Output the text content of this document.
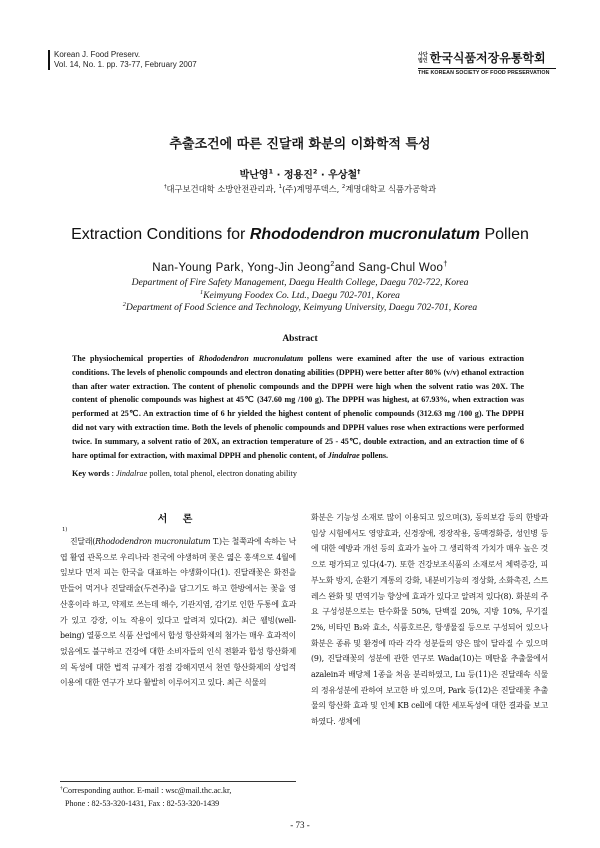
Korean J. Food Preserv.
Vol. 14, No. 1. pp. 73-77, February 2007
사단
법인 한국식품저장유통학회
THE KOREAN SOCIETY OF FOOD PRESERVATION
추출조건에 따른 진달래 화분의 이화학적 특성
박난영$^1$ · 정용진$^2$ · 우상철†
†대구보건대학 소방안전관리과, $^1$(주)계명푸덱스, $^2$계명대학교 식품가공학과
Extraction Conditions for Rhododendron mucronulatum Pollen
Nan-Young Park, Yong-Jin Jeong$^2$and Sang-Chul Woo†
Department of Fire Safety Management, Daegu Health College, Daegu 702-722, Korea
$^1$Keimyung Foodex Co. Ltd., Daegu 702-701, Korea
$^2$Department of Food Science and Technology, Keimyung University, Daegu 702-701, Korea
Abstract
The physiochemical properties of Rhododendron mucronulatum pollens were examined after the use of various extraction conditions. The levels of phenolic compounds and electron donating abilities (DPPH) were better after 80% (v/v) ethanol extraction than after water extraction. The content of phenolic compounds and the DPPH were high when the solvent ratio was 20X. The content of phenolic compounds was highest at 45℃ (347.60 mg /100 g). The DPPH was highest, at 67.93%, when extraction was performed at 25℃. An extraction time of 6 hr yielded the highest content of phenolic compounds (312.63 mg /100 g). The DPPH did not vary with extraction time. Both the levels of phenolic compounds and DPPH values rose when extractions were performed twice. In summary, a solvent ratio of 20X, an extraction temperature of 25 - 45℃, double extraction, and an extraction time of 6 hare optimal for extraction, with maximal DPPH and phenolic content, of Jindalrae pollens.
Key words : Jindalrae pollen, total phenol, electron donating ability
서 론
1)
진달래(Rhododendron mucronulatum T.)는 철쭉과에 속하는 낙엽 활엽 관목으로 우리나라 전국에 야생하며 꽃은 엷은 홍색으로 4월에 잎보다 먼저 피는 한국을 대표하는 야생화이다(1). 진달래꽃은 화전을 만들어 먹거나 진달래술(두견주)을 담그기도 하고 한방에서는 꽃을 영산홍이라 하고, 약제로 쓰는데 해수, 기관지염, 감기로 인한 두통에 효과가 있고 강장, 이뇨 작용이 있다고 알려져 있다(2). 최근 웰빙(well-being) 열풍으로 식품 산업에서 합성 항산화제의 첨가는 매우 효과적이었음에도 불구하고 건강에 대한 소비자들의 인식 전환과 합성 항산화제의 독성에 대한 법적 규제가 점점 강해지면서 천연 항산화제의 상업적 이용에 대한 연구가 보다 활발히 이루어지고 있다. 최근 식물의
화분은 기능성 소재로 많이 이용되고 있으며(3), 동의보감 등의 한방과 임상 시험에서도 영양효과, 신경장애, 정장작용, 동맥경화증, 성인병 등에 대한 예방과 개선 등의 효과가 높아 그 생리학적 가치가 매우 높은 것으로 평가되고 있다(4-7). 또한 건강보조식품의 소재로서 체력증강, 피부노화 방지, 순환기 계통의 강화, 내분비기능의 정상화, 소화촉진, 스트레스 완화 및 면역기능 향상에 효과가 있다고 알려져 있다(8). 화분의 주요 구성성분으로는 탄수화물 50%, 단백질 20%, 지방 10%, 무기질 2%, 비타민 B₂와 효소, 식품호르몬, 항생물질 등으로 구성되어 있으나 화분은 종류 및 환경에 따라 각각 성분들의 양은 많이 달라질 수 있으며(9), 진달래꽃의 성분에 관한 연구로 Wada(10)는 메탄올 추출물에서 azalein과 배당체 1종을 처음 분리하였고, Lu 등(11)은 진달래속 식물의 정유성분에 관하여 보고한 바 있으며, Park 등(12)은 진달래꽃 추출물의 항산화 효과 및 인체 KB cell에 대한 세포독성에 대한 결과를 보고하였다. 생체에
†Corresponding author. E-mail : wsc@mail.thc.ac.kr,
Phone : 82-53-320-1431, Fax : 82-53-320-1439
- 73 -
